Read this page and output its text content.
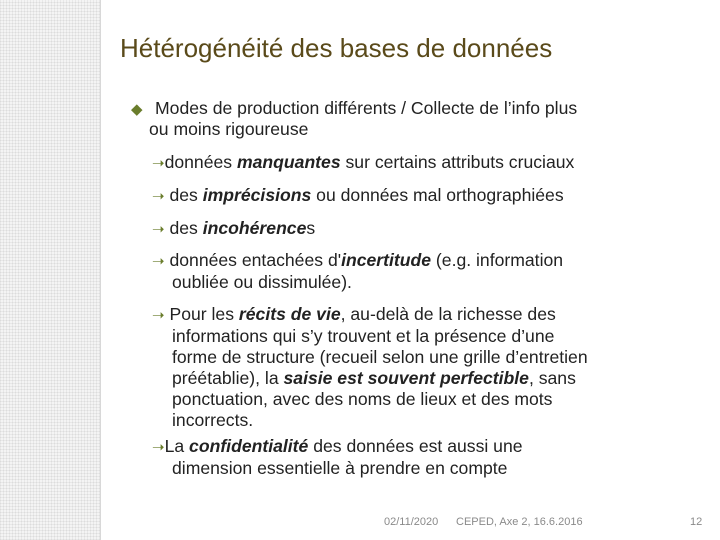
Hétérogénéité des bases de données
◆ Modes de production différents / Collecte de l’info plus
ou moins rigoureuse
➝données manquantes sur certains attributs cruciaux
➝ des imprécisions ou données mal orthographiées
➝ des incohérences
➝ données entachées d'incertitude (e.g. information
oubliée ou dissimulée).
➝ Pour les récits de vie, au-delà de la richesse des
informations qui s’y trouvent et la présence d’une
forme de structure (recueil selon une grille d’entretien
préétablie), la saisie est souvent perfectible, sans
ponctuation, avec des noms de lieux et des mots
incorrects.
➝La confidentialité des données est aussi une
dimension essentielle à prendre en compte
02/11/2020 CEPED, Axe 2, 16.6.2016	12
